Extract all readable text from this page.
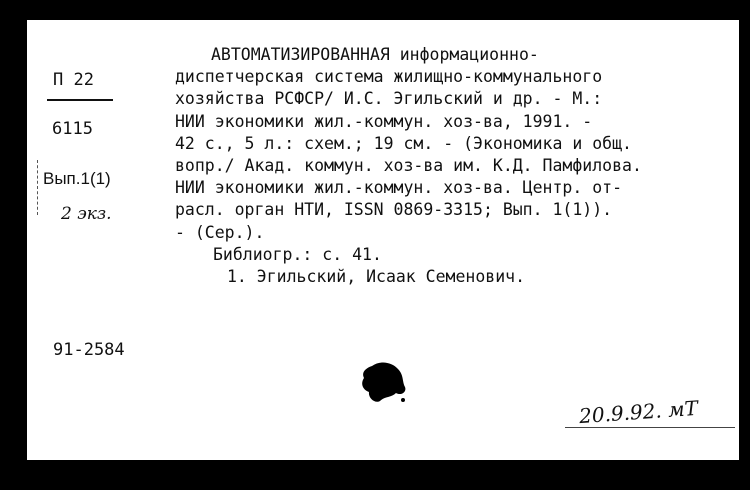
П 22
6115
Вып.1(1)
2 экз.
91-2584
АВТОМАТИЗИРОВАННАЯ информационно-
диспетчерская система жилищно-коммунального
хозяйства РСФСР/ И.С. Эгильский и др. - М.:
НИИ экономики жил.-коммун. хоз-ва, 1991. -
42 с., 5 л.: схем.; 19 см. - (Экономика и общ.
вопр./ Акад. коммун. хоз-ва им. К.Д. Памфилова.
НИИ экономики жил.-коммун. хоз-ва. Центр. от-
расл. орган НТИ, ISSN 0869-3315; Вып. 1(1)).
- (Сер.).
Библиогр.: с. 41.
1. Эгильский, Исаак Семенович.
20.9.92. мТ
